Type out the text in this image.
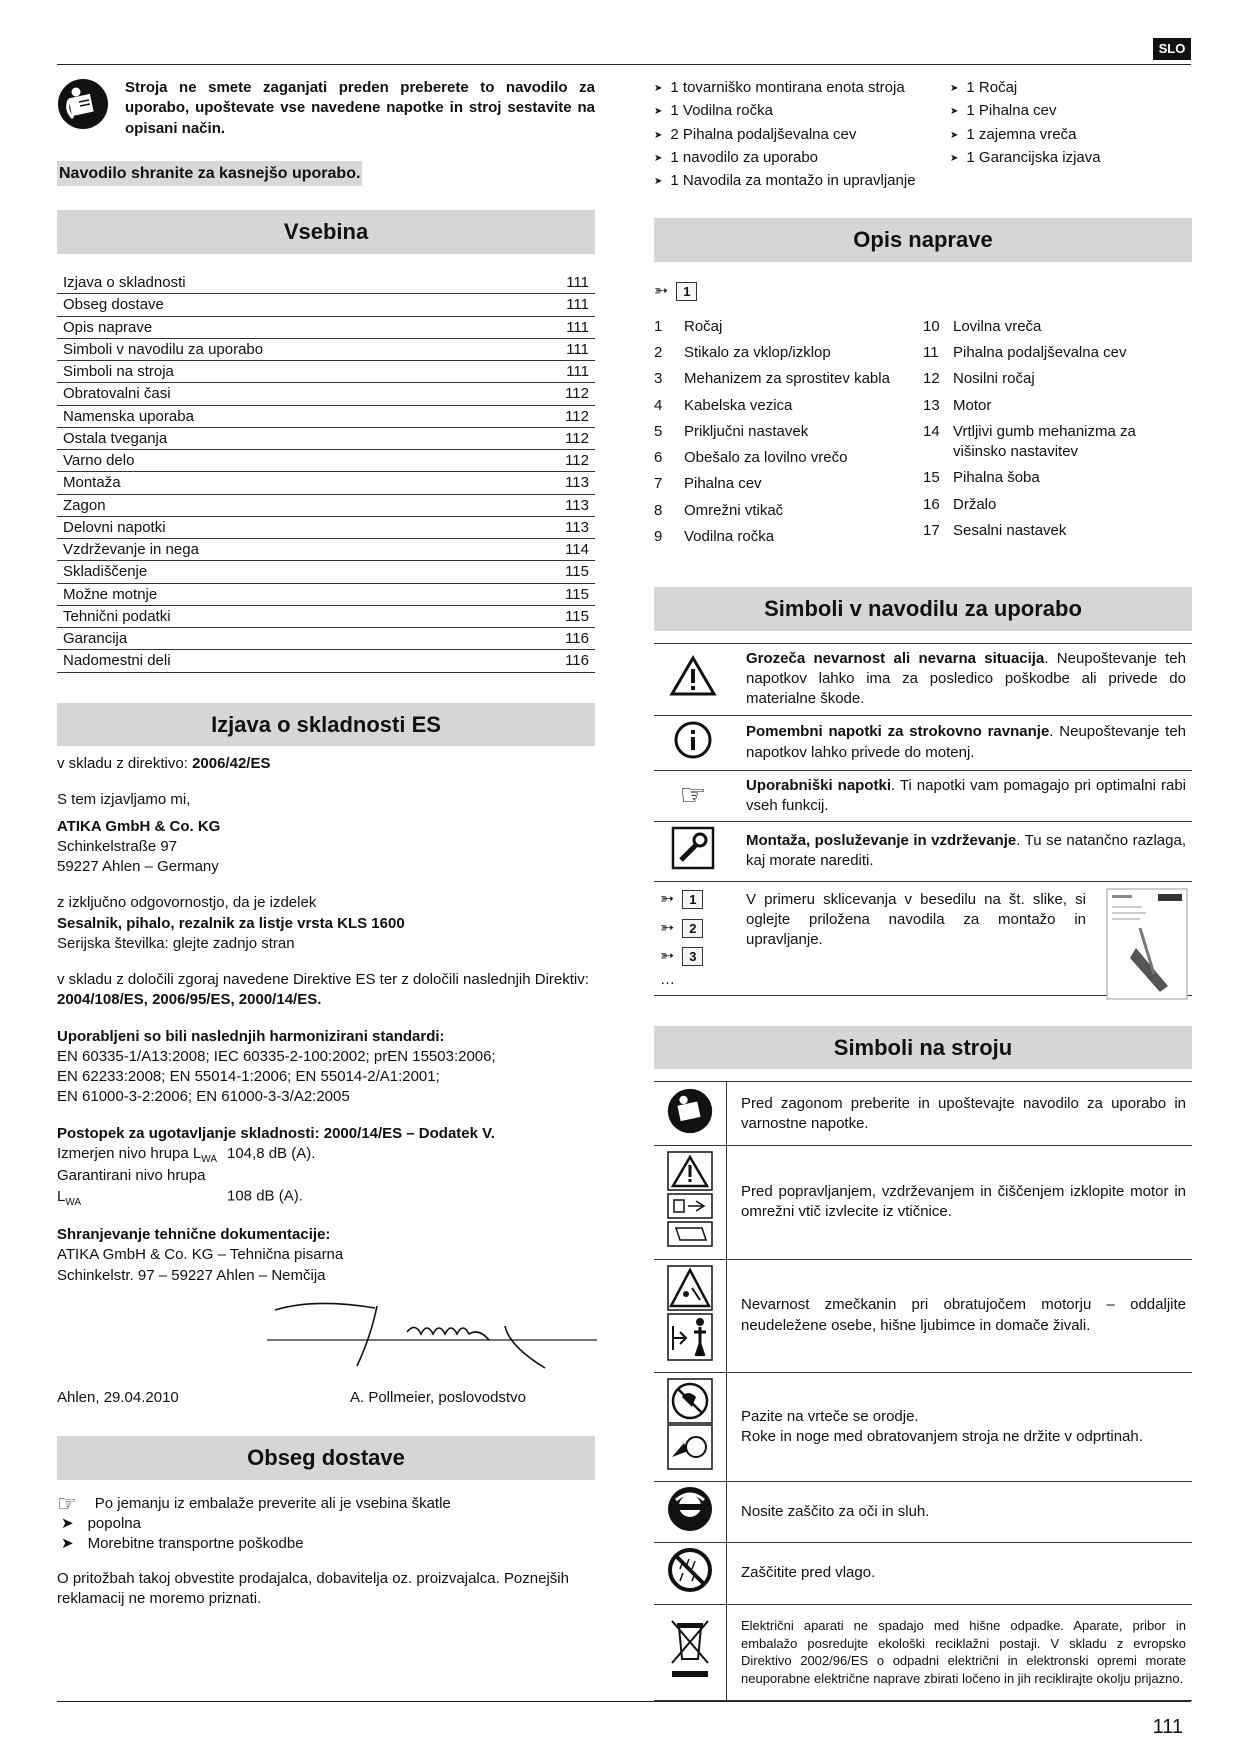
SLO
Stroja ne smete zaganjati preden preberete to navodilo za uporabo, upoštevate vse navedene napotke in stroj sestavite na opisani način.
Navodilo shranite za kasnejšo uporabo.
Vsebina
Izjava o skladnosti	111
Obseg dostave	111
Opis naprave	111
Simboli v navodilu za uporabo	111
Simboli na stroja	111
Obratovalni časi	112
Namenska uporaba	112
Ostala tveganja	112
Varno delo	112
Montaža	113
Zagon	113
Delovni napotki	113
Vzdrževanje in nega	114
Skladiščenje	115
Možne motnje	115
Tehnični podatki	115
Garancija	116
Nadomestni deli	116
Izjava o skladnosti ES

v skladu z direktivo: 2006/42/ES

S tem izjavljamo mi,

ATIKA GmbH & Co. KG

Schinkelstraße 97

59227 Ahlen – Germany

z izključno odgovornostjo, da je izdelek

Sesalnik, pihalo, rezalnik za listje vrsta KLS 1600

Serijska številka: glejte zadnjo stran

v skladu z določili zgoraj navedene Direktive ES ter z določili naslednjih Direktiv:

2004/108/ES, 2006/95/ES, 2000/14/ES.

Uporabljeni so bili naslednjih harmonizirani standardi:

EN 60335-1/A13:2008; IEC 60335-2-100:2002; prEN 15503:2006;

EN 62233:2008; EN 55014-1:2006; EN 55014-2/A1:2001;

EN 61000-3-2:2006; EN 61000-3-3/A2:2005

Postopek za ugotavljanje skladnosti: 2000/14/ES – Dodatek V.

Izmerjen nivo hrupa $L_{WA}$ 104,8 dB (A).

Garantirani nivo hrupa $L_{WA}$	108 dB (A).

Shranjevanje tehnične dokumentacije:

ATIKA GmbH & Co. KG – Tehnična pisarna

Schinkelstr. 97 – 59227 Ahlen – Nemčija

Ahlen, 29.04.2010	A. Pollmeier, poslovodstvo
Obseg dostave
☞ Po jemanju iz embalaže preverite ali je vsebina škatle
➤ popolna
➤ Morebitne transportne poškodbe

O pritožbah takoj obvestite prodajalca, dobavitelja oz. proizvajalca. Poznejših reklamacij ne moremo priznati.

➤ 1 tovarniško montirana enota stroja
➤ 1 Vodilna ročka
➤ 2 Pihalna podaljševalna cev
➤ 1 navodilo za uporabo
➤ 1 Navodila za montažo in upravljanje
➤ 1 Ročaj
➤ 1 Pihalna cev
➤ 1 zajemna vreča
➤ 1 Garancijska izjava
Opis naprave
➳ 1
1	Ročaj
2	Stikalo za vklop/izklop
3	Mehanizem za sprostitev kabla
4	Kabelska vezica
5	Priključni nastavek
6	Obešalo za lovilno vrečo
7	Pihalna cev
8	Omrežni vtikač
9	Vodilna ročka
10 Lovilna vreča
11 Pihalna podaljševalna cev
12 Nosilni ročaj
13 Motor
14 Vrtljivi gumb mehanizma za višinsko nastavitev
15 Pihalna šoba
16 Držalo
17 Sesalni nastavek
Simboli v navodilu za uporabo
	Grozeča nevarnost ali nevarna situacija. Neupoštevanje teh napotkov lahko ima za posledico poškodbe ali privede do materialne škode.
	Pomembni napotki za strokovno ravnanje. Neupoštevanje teh napotkov lahko privede do motenj.
☞	Uporabniški napotki. Ti napotki vam pomagajo pri optimalni rabi vseh funkcij.
	Montaža, posluževanje in vzdrževanje. Tu se natančno razlaga, kaj morate narediti.

➳ 1
➳ 2
➳ 3
…	V primeru sklicevanja v besedilu na št. slike, si oglejte priložena navodila za montažo in upravljanje.
Simboli na stroju
	Pred zagonom preberite in upoštevajte navodilo za uporabo in varnostne napotke.
	Pred popravljanjem, vzdrževanjem in čiščenjem izklopite motor in omrežni vtič izvlecite iz vtičnice.
	Nevarnost zmečkanin pri obratujočem motorju – oddaljite neudeležene osebe, hišne ljubimce in domače živali.

Pazite na vrteče se orodje.
Roke in noge med obratovanjem stroja ne držite v odprtinah.

	Nosite zaščito za oči in sluh.
	Zaščitite pred vlago.
	Električni aparati ne spadajo med hišne odpadke. Aparate, pribor in embalažo posredujte ekološki reciklažni postaji. V skladu z evropsko Direktivo 2002/96/ES o odpadni električni in elektronski opremi morate neuporabne električne naprave zbirati ločeno in jih reciklirajte okolju prijazno.
111
